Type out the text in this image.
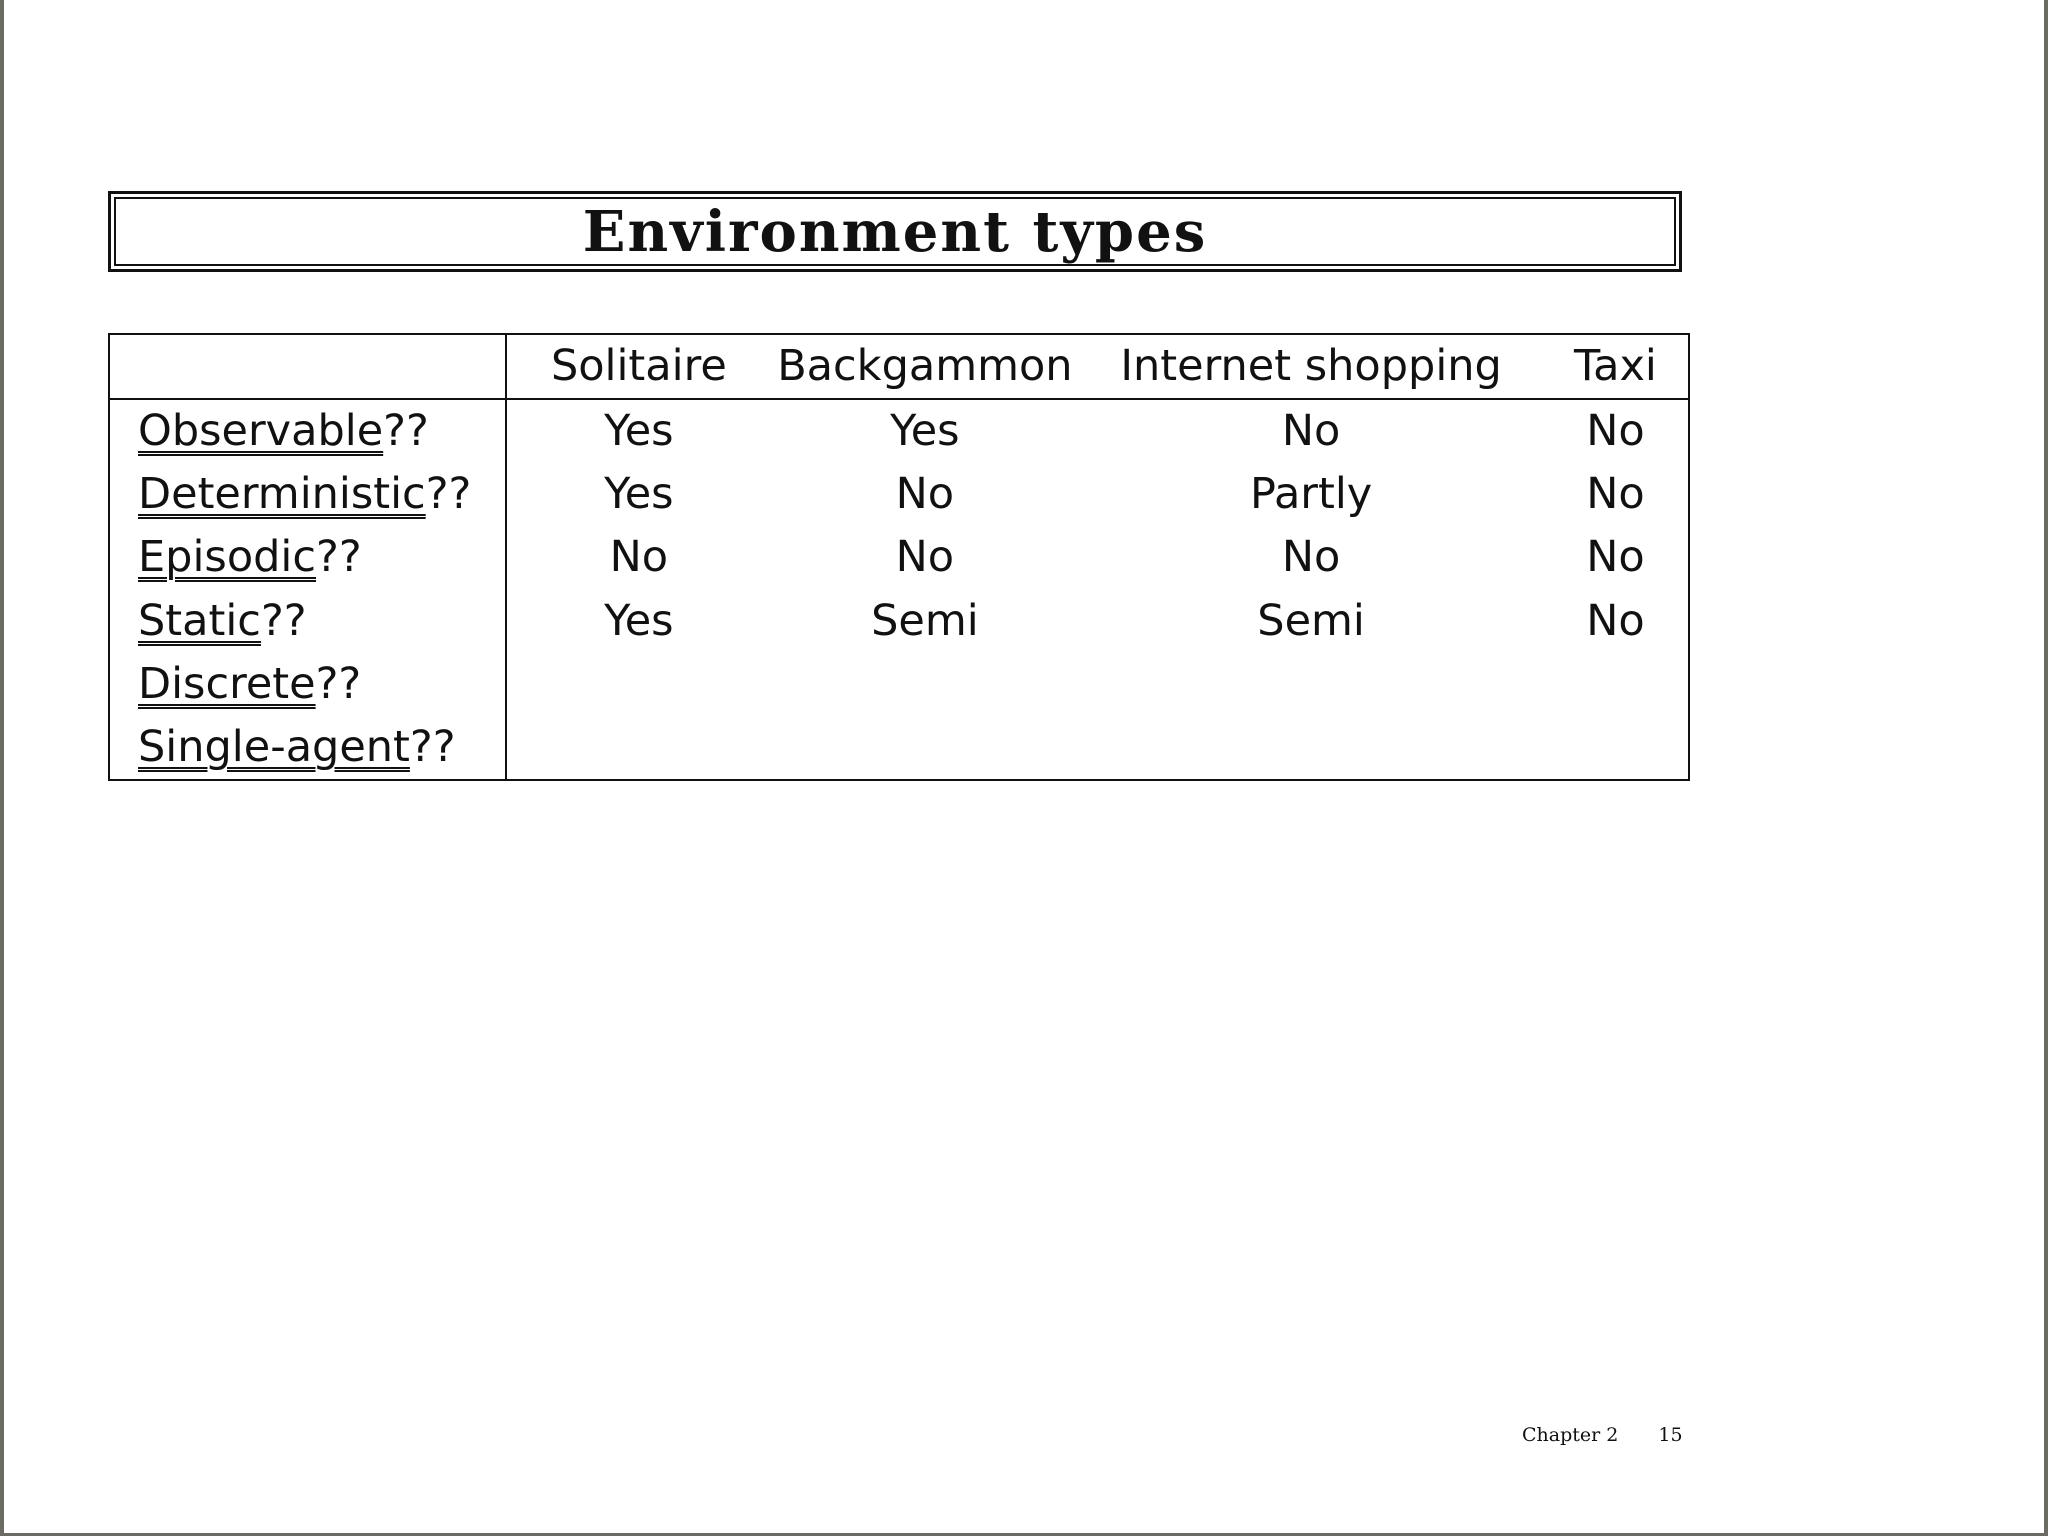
Environment types
	Solitaire	Backgammon	Internet shopping	Taxi
Observable??	Yes	Yes	No	No
Deterministic??	Yes	No	Partly	No
Episodic??	No	No	No	No
Static??	Yes	Semi	Semi	No
Discrete??				
Single-agent??				
Chapter 2 15
